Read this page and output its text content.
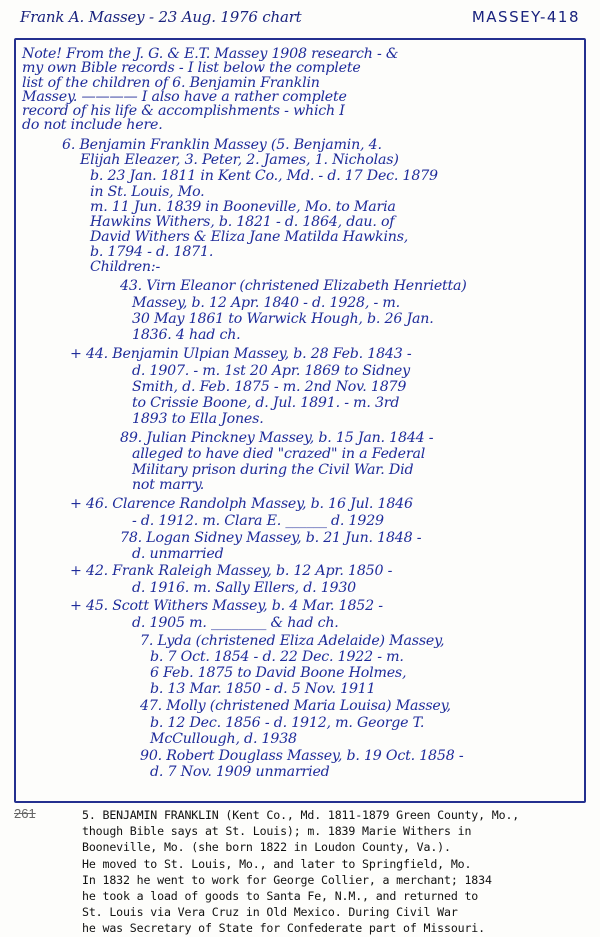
Frank A. Massey - 23 Aug. 1976 chart	MASSEY-418
Note! From the J. G. & E.T. Massey 1908 research - &
my own Bible records - I list below the complete
list of the children of 6. Benjamin Franklin
Massey. ———— I also have a rather complete
record of his life & accomplishments - which I
do not include here.
6. Benjamin Franklin Massey (5. Benjamin, 4.
Elijah Eleazer, 3. Peter, 2. James, 1. Nicholas)
b. 23 Jan. 1811 in Kent Co., Md. - d. 17 Dec. 1879
in St. Louis, Mo.
m. 11 Jun. 1839 in Booneville, Mo. to Maria
Hawkins Withers, b. 1821 - d. 1864, dau. of
David Withers & Eliza Jane Matilda Hawkins,
b. 1794 - d. 1871.
Children:-
43. Virn Eleanor (christened Elizabeth Henrietta)
Massey, b. 12 Apr. 1840 - d. 1928, - m.
30 May 1861 to Warwick Hough, b. 26 Jan.
1836. 4 had ch.
+ 44. Benjamin Ulpian Massey, b. 28 Feb. 1843 -
d. 1907. - m. 1st 20 Apr. 1869 to Sidney
Smith, d. Feb. 1875 - m. 2nd Nov. 1879
to Crissie Boone, d. Jul. 1891. - m. 3rd
1893 to Ella Jones.
89. Julian Pinckney Massey, b. 15 Jan. 1844 -
alleged to have died "crazed" in a Federal
Military prison during the Civil War. Did
not marry.
+ 46. Clarence Randolph Massey, b. 16 Jul. 1846
- d. 1912. m. Clara E. ______ d. 1929
78. Logan Sidney Massey, b. 21 Jun. 1848 -
d. unmarried
+ 42. Frank Raleigh Massey, b. 12 Apr. 1850 -
d. 1916. m. Sally Ellers, d. 1930
+ 45. Scott Withers Massey, b. 4 Mar. 1852 -
d. 1905 m. ________ & had ch.
7. Lyda (christened Eliza Adelaide) Massey,
b. 7 Oct. 1854 - d. 22 Dec. 1922 - m.
6 Feb. 1875 to David Boone Holmes,
b. 13 Mar. 1850 - d. 5 Nov. 1911
47. Molly (christened Maria Louisa) Massey,
b. 12 Dec. 1856 - d. 1912, m. George T.
McCullough, d. 1938
90. Robert Douglass Massey, b. 19 Oct. 1858 -
d. 7 Nov. 1909 unmarried
261	5. BENJAMIN FRANKLIN (Kent Co., Md. 1811-1879 Green County, Mo.,
though Bible says at St. Louis); m. 1839 Marie Withers in
Booneville, Mo. (she born 1822 in Loudon County, Va.).
He moved to St. Louis, Mo., and later to Springfield, Mo.
In 1832 he went to work for George Collier, a merchant; 1834
he took a load of goods to Santa Fe, N.M., and returned to
St. Louis via Vera Cruz in Old Mexico. During Civil War
he was Secretary of State for Confederate part of Missouri.
